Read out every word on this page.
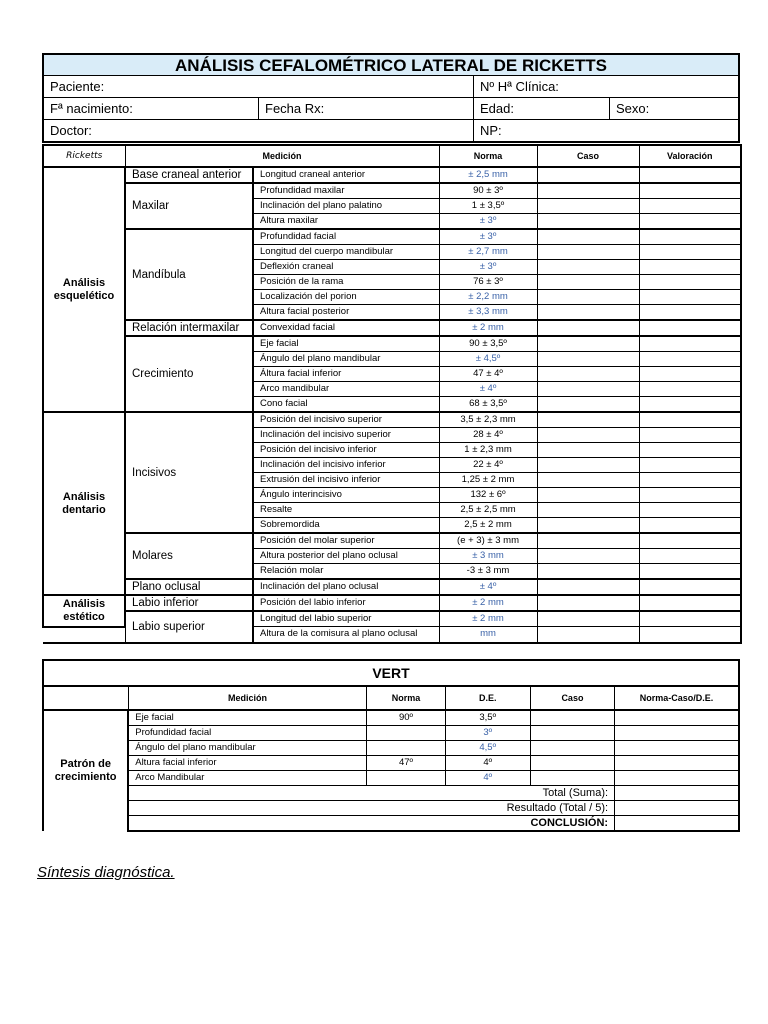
ANÁLISIS CEFALOMÉTRICO LATERAL DE RICKETTS
Paciente:	Nº Hª Clínica:
Fª nacimiento:	Fecha Rx:	Edad:	Sexo:
Doctor:	NP:
Ricketts	Medición		Norma	Caso	Valoración
Análisis esquelético	Base craneal anterior	Longitud craneal anterior	± 2,5 mm		
	Maxilar	Profundidad maxilar	90 ± 3º		
		Inclinación del plano palatino	1 ± 3,5º		
		Altura maxilar	± 3º		
	Mandíbula	Profundidad facial	± 3º		
		Longitud del cuerpo mandibular	± 2,7 mm		
		Deflexión craneal	± 3º		
		Posición de la rama	76 ± 3º		
		Localización del porion	± 2,2 mm		
		Altura facial posterior	± 3,3 mm		
	Relación intermaxilar	Convexidad facial	± 2 mm		
	Crecimiento	Eje facial	90 ± 3,5º		
		Ángulo del plano mandibular	± 4,5º		
		Áltura facial inferior	47 ± 4º		
		Arco mandibular	± 4º		
		Cono facial	68 ± 3,5º		
Análisis dentario	Incisivos	Posición del incisivo superior	3,5 ± 2,3 mm		
		Inclinación del incisivo superior	28 ± 4º		
		Posición del incisivo inferior	1 ± 2,3 mm		
		Inclinación del incisivo inferior	22 ± 4º		
		Extrusión del incisivo inferior	1,25 ± 2 mm		
		Ángulo interincisivo	132 ± 6º		
		Resalte	2,5 ± 2,5 mm		
		Sobremordida	2,5 ± 2 mm		
	Molares	Posición del molar superior	(e + 3) ± 3 mm		
		Altura posterior del plano oclusal	± 3 mm		
		Relación molar	-3 ± 3 mm		
	Plano oclusal	Inclinación del plano oclusal	± 4º		
Análisis estético	Labio inferior	Posición del labio inferior	± 2 mm		
	Labio superior	Longitud del labio superior	± 2 mm		
		Altura de la comisura al plano oclusal	mm		
VERT					
	Medición	Norma	D.E.	Caso	Norma-Caso/D.E.
Patrón de crecimiento	Eje facial	90º	3,5º		
	Profundidad facial		3º		
	Ángulo del plano mandibular		4,5º		
	Altura facial inferior	47º	4º		
	Arco Mandibular		4º		
	Total (Suma):				
	Resultado (Total / 5):				
	CONCLUSIÓN:				
Síntesis diagnóstica.
